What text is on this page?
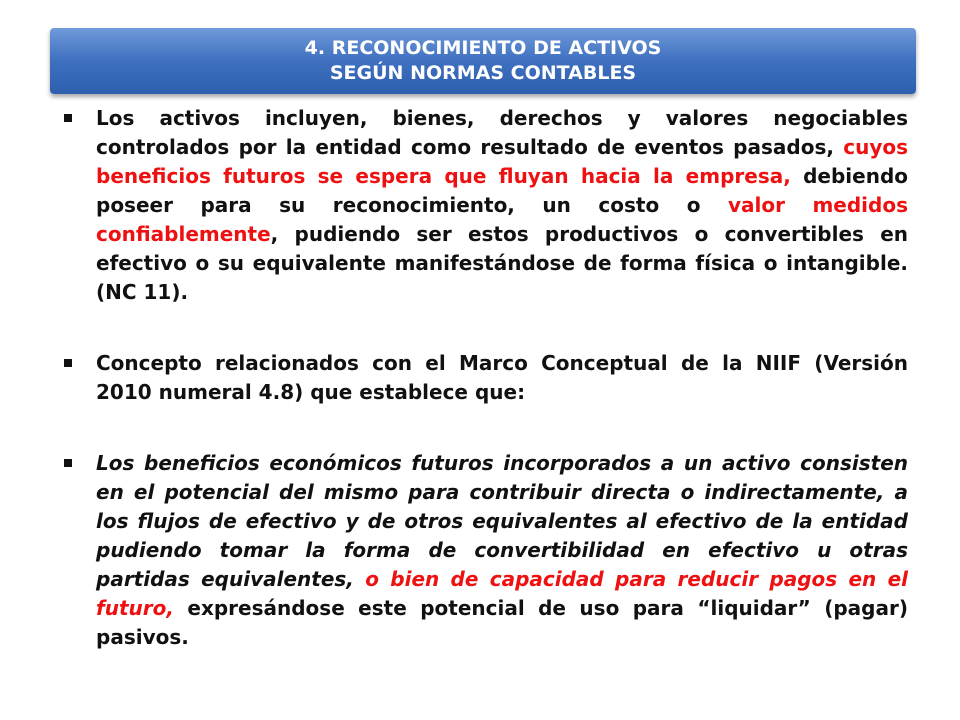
4. RECONOCIMIENTO DE ACTIVOS
SEGÚN NORMAS CONTABLES
Los activos incluyen, bienes, derechos y valores negociables controlados por la entidad como resultado de eventos pasados, cuyos beneficios futuros se espera que fluyan hacia la empresa, debiendo poseer para su reconocimiento, un costo o valor medidos confiablemente, pudiendo ser estos productivos o convertibles en efectivo o su equivalente manifestándose de forma física o intangible. (NC 11).
Concepto relacionados con el Marco Conceptual de la NIIF (Versión 2010 numeral 4.8) que establece que:
Los beneficios económicos futuros incorporados a un activo consisten en el potencial del mismo para contribuir directa o indirectamente, a los flujos de efectivo y de otros equivalentes al efectivo de la entidad pudiendo tomar la forma de convertibilidad en efectivo u otras partidas equivalentes, o bien de capacidad para reducir pagos en el futuro, expresándose este potencial de uso para “liquidar” (pagar) pasivos.
